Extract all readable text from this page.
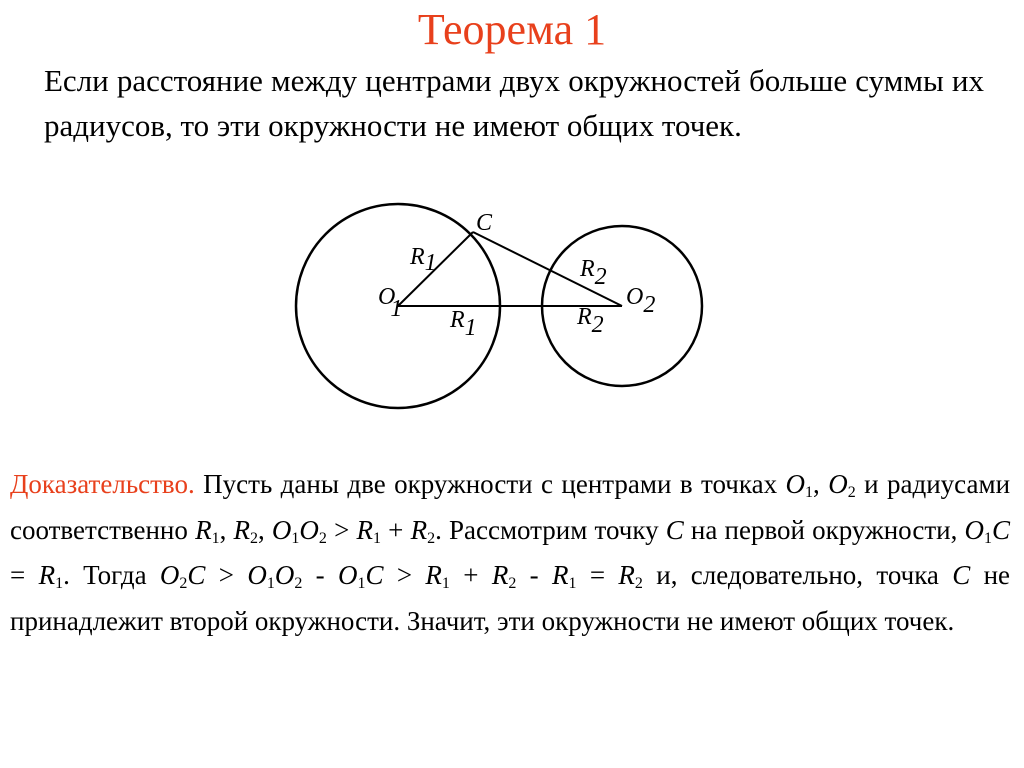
Теорема 1
Если расстояние между центрами двух окружностей больше суммы их радиусов, то эти окружности не имеют общих точек.
C
R1
O1 R1
R2
R2
O2
Доказательство. Пусть даны две окружности с центрами в точках $O_1$, $O_2$ и радиусами соответственно $R_1$, $R_2$, $O_1O_2 > R_1 + R_2$. Рассмотрим точку C на первой окружности, $O_1C = R_1$. Тогда $O_2C > O_1O_2 - O_1C > R_1 + R_2 - R_1 = R_2$ и, следовательно, точка C не принадлежит второй окружности. Значит, эти окружности не имеют общих точек.
